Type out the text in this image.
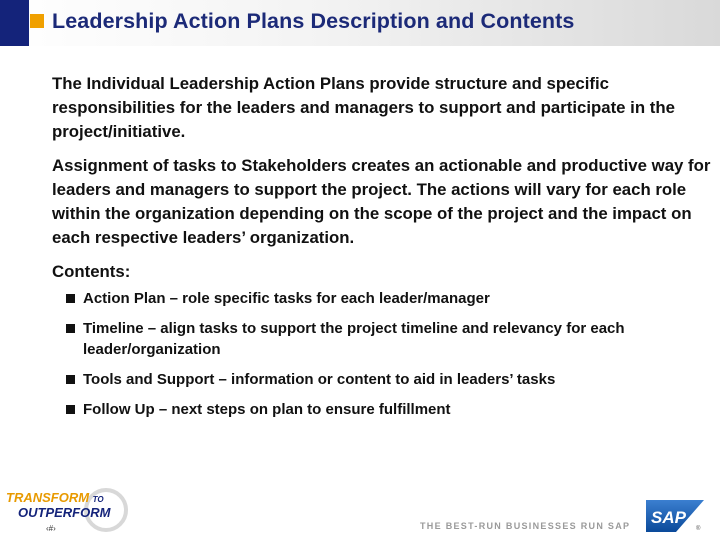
Leadership Action Plans Description and Contents

The Individual Leadership Action Plans provide structure and specific responsibilities for the leaders and managers to support and participate in the project/initiative.

Assignment of tasks to Stakeholders creates an actionable and productive way for leaders and managers to support the project. The actions will vary for each role within the organization depending on the scope of the project and the impact on each respective leaders’ organization.

Contents:

Action Plan – role specific tasks for each leader/manager
Timeline – align tasks to support the project timeline and relevancy for each leader/organization
Tools and Support – information or content to aid in leaders’ tasks
Follow Up – next steps on plan to ensure fulfillment
TRANSFORM TO
OUTPERFORM
‹#›	THE BEST-RUN BUSINESSES RUN SAP SAP
®
